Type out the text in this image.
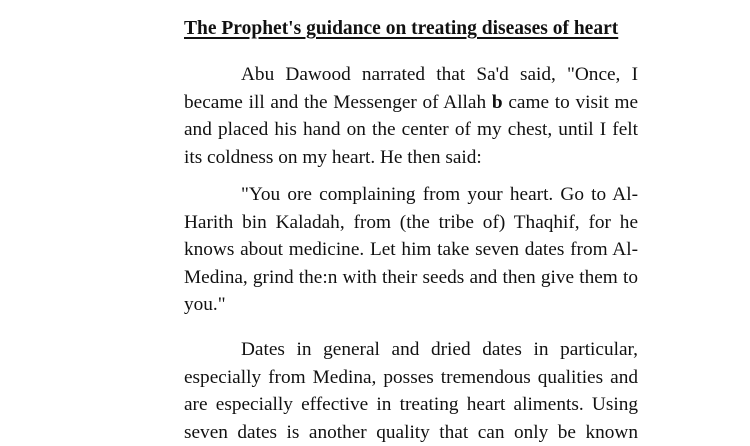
The Prophet's guidance on treating diseases of heart
Abu Dawood narrated that Sa'd said, "Once, I
became ill and the Messenger of Allah b came to visit me
and placed his hand on the center of my chest, until I felt
its coldness on my heart. He then said:
"You ore complaining from your heart. Go to Al-
Harith bin Kaladah, from (the tribe of) Thaqhif, for he
knows about medicine. Let him take seven dates from Al-
Medina, grind the:n with their seeds and then give them to
you."
Dates in general and dried dates in particular,
especially from Medina, posses tremendous qualities and
are especially effective in treating heart aliments. Using
seven dates is another quality that can only be known
